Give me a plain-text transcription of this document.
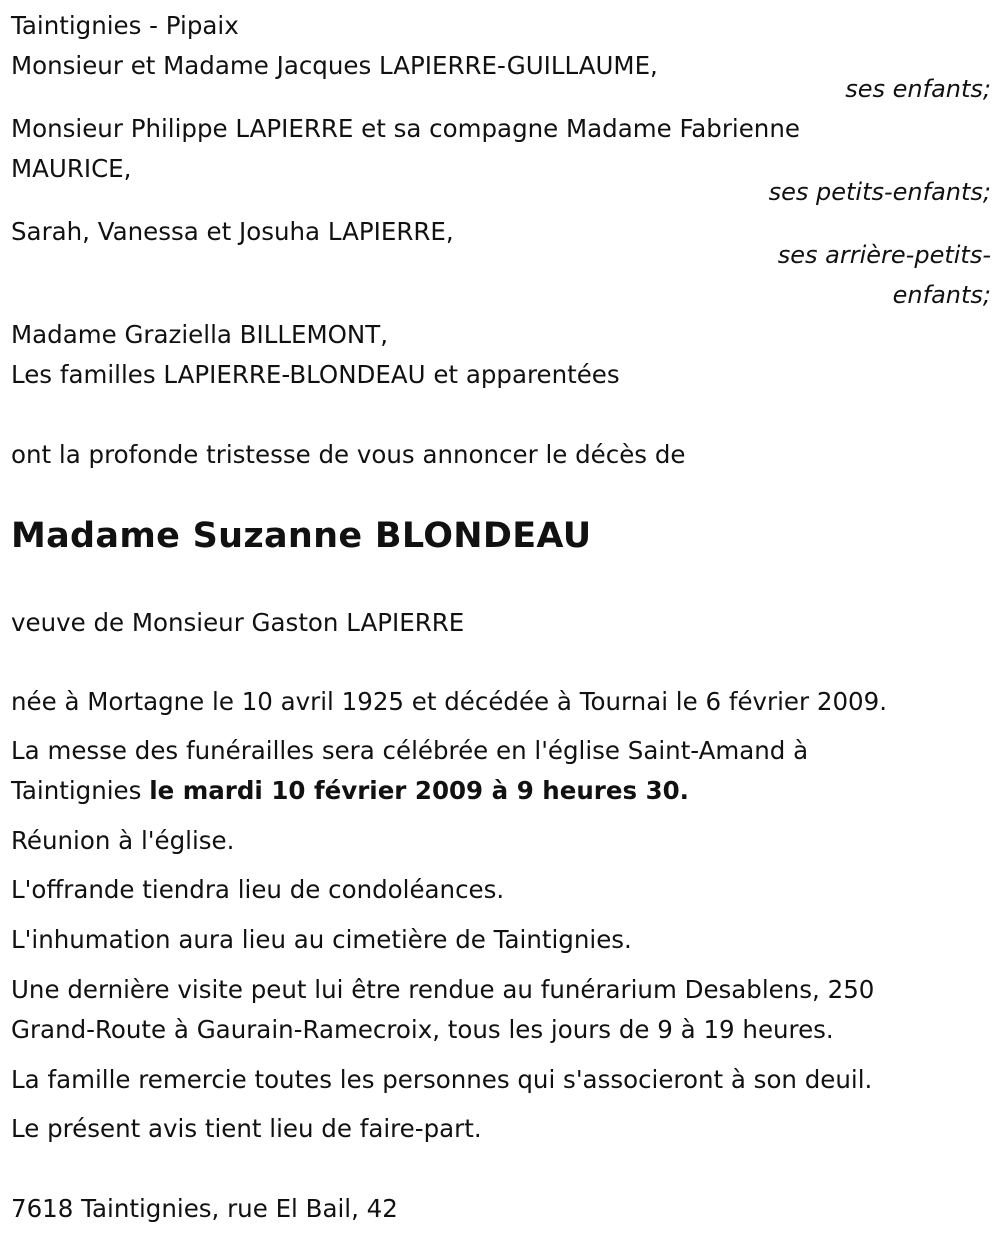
Taintignies - Pipaix
Monsieur et Madame Jacques LAPIERRE-GUILLAUME,
ses enfants;
Monsieur Philippe LAPIERRE et sa compagne Madame Fabrienne
MAURICE,
ses petits-enfants;
Sarah, Vanessa et Josuha LAPIERRE,
ses arrière-petits-
enfants;
Madame Graziella BILLEMONT,
Les familles LAPIERRE-BLONDEAU et apparentées
ont la profonde tristesse de vous annoncer le décès de
Madame Suzanne BLONDEAU
veuve de Monsieur Gaston LAPIERRE
née à Mortagne le 10 avril 1925 et décédée à Tournai le 6 février 2009.
La messe des funérailles sera célébrée en l'église Saint-Amand à
Taintignies le mardi 10 février 2009 à 9 heures 30.
Réunion à l'église.
L'offrande tiendra lieu de condoléances.
L'inhumation aura lieu au cimetière de Taintignies.
Une dernière visite peut lui être rendue au funérarium Desablens, 250
Grand-Route à Gaurain-Ramecroix, tous les jours de 9 à 19 heures.
La famille remercie toutes les personnes qui s'associeront à son deuil.
Le présent avis tient lieu de faire-part.
7618 Taintignies, rue El Bail, 42
